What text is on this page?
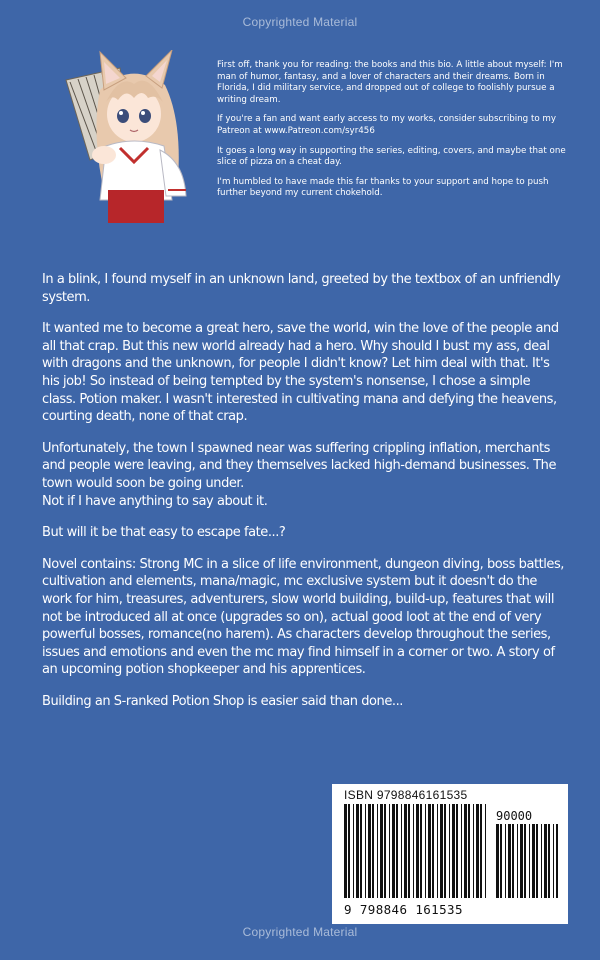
Copyrighted Material

First off, thank you for reading: the books and this bio. A little about myself: I'm man of humor, fantasy, and a lover of characters and their dreams. Born in Florida, I did military service, and dropped out of college to foolishly pursue a writing dream.

If you're a fan and want early access to my works, consider subscribing to my Patreon at www.Patreon.com/syr456

It goes a long way in supporting the series, editing, covers, and maybe that one slice of pizza on a cheat day.

I'm humbled to have made this far thanks to your support and hope to push further beyond my current chokehold.

In a blink, I found myself in an unknown land, greeted by the textbox of an unfriendly system.

It wanted me to become a great hero, save the world, win the love of the people and all that crap. But this new world already had a hero. Why should I bust my ass, deal with dragons and the unknown, for people I didn't know? Let him deal with that. It's his job! So instead of being tempted by the system's nonsense, I chose a simple class. Potion maker. I wasn't interested in cultivating mana and defying the heavens, courting death, none of that crap.

Unfortunately, the town I spawned near was suffering crippling inflation, merchants and people were leaving, and they themselves lacked high-demand businesses. The town would soon be going under.
Not if I have anything to say about it.

But will it be that easy to escape fate...?

Novel contains: Strong MC in a slice of life environment, dungeon diving, boss battles, cultivation and elements, mana/magic, mc exclusive system but it doesn't do the work for him, treasures, adventurers, slow world building, build-up, features that will not be introduced all at once (upgrades so on), actual good loot at the end of very powerful bosses, romance(no harem). As characters develop throughout the series, issues and emotions and even the mc may find himself in a corner or two. A story of an upcoming potion shopkeeper and his apprentices.

Building an S-ranked Potion Shop is easier said than done...

ISBN 9798846161535
90000
9 798846 161535
Copyrighted Material
